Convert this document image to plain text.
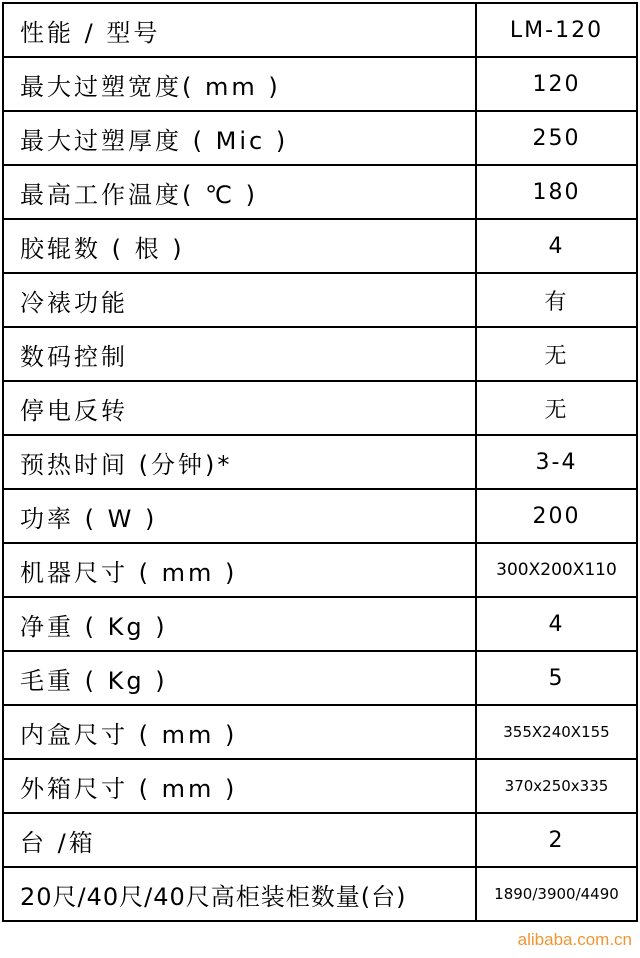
性能 / 型号	LM-120
最大过塑宽度( mm )	120
最大过塑厚度 ( Mic )	250
最高工作温度( ℃ )	180
胶辊数 ( 根 )	4
冷裱功能	有
数码控制	无
停电反转	无
预热时间 (分钟)*	3-4
功率 ( W )	200
机器尺寸 ( mm )	300X200X110
净重 ( Kg )	4
毛重 ( Kg )	5
内盒尺寸 ( mm )	355X240X155
外箱尺寸 ( mm )	370x250x335
台 /箱	2
20尺/40尺/40尺高柜装柜数量(台)	1890/3900/4490
alibaba.com.cn
